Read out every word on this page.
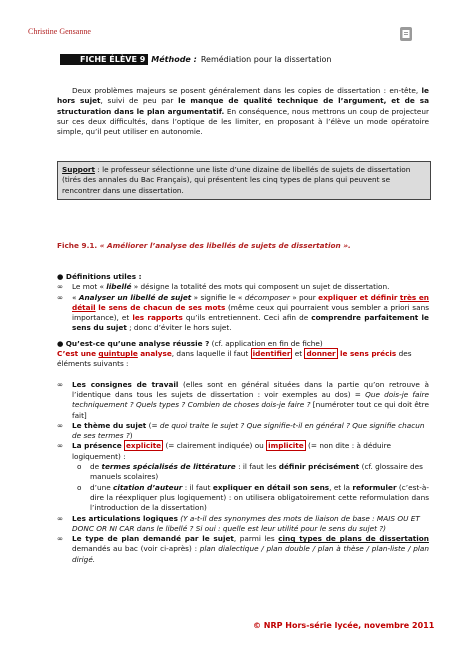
Christine Gensanne
FICHE ÉLÈVE 9 Méthode : Remédiation pour la dissertation
Deux problèmes majeurs se posent généralement dans les copies de dissertation : en-tête, le hors sujet, suivi de peu par le manque de qualité technique de l’argument, et de sa structuration dans le plan argumentatif. En conséquence, nous mettrons un coup de projecteur sur ces deux difficultés, dans l’optique de les limiter, en proposant à l’élève un mode opératoire simple, qu’il peut utiliser en autonomie.
Support : le professeur sélectionne une liste d’une dizaine de libellés de sujets de dissertation (tirés des annales du Bac Français), qui présentent les cinq types de plans qui peuvent se rencontrer dans une dissertation.
Fiche 9.1. « Améliorer l’analyse des libellés de sujets de dissertation ».
● Définitions utiles :
∞ Le mot « libellé » désigne la totalité des mots qui composent un sujet de dissertation.
∞ « Analyser un libellé de sujet » signifie le « décomposer » pour expliquer et définir très en détail le sens de chacun de ses mots (même ceux qui pourraient vous sembler a priori sans importance), et les rapports qu’ils entretiennent. Ceci afin de comprendre parfaitement le sens du sujet ; donc d’éviter le hors sujet.
● Qu’est-ce qu’une analyse réussie ? (cf. application en fin de fiche)
C’est une quintuple analyse, dans laquelle il faut identifier et donner le sens précis des éléments suivants :
∞ Les consignes de travail (elles sont en général situées dans la partie qu’on retrouve à l’identique dans tous les sujets de dissertation : voir exemples au dos) = Que dois-je faire techniquement ? Quels types ? Combien de choses dois-je faire ? [numéroter tout ce qui doit être fait]
∞ Le thème du sujet (= de quoi traite le sujet ? Que signifie-t-il en général ? Que signifie chacun de ses termes ?)
∞ La présence explicite (= clairement indiquée) ou implicite (= non dite : à déduire logiquement) :
o de termes spécialisés de littérature : il faut les définir précisément (cf. glossaire des manuels scolaires)
o d’une citation d’auteur : il faut expliquer en détail son sens, et la reformuler (c’est-à-dire la réexpliquer plus logiquement) : on utilisera obligatoirement cette reformulation dans l’introduction de la dissertation)
∞ Les articulations logiques (Y a-t-il des synonymes des mots de liaison de base : MAIS OU ET DONC OR NI CAR dans le libellé ? Si oui : quelle est leur utilité pour le sens du sujet ?)
∞ Le type de plan demandé par le sujet, parmi les cinq types de plans de dissertation demandés au bac (voir ci-après) : plan dialectique / plan double / plan à thèse / plan-liste / plan dirigé.
© NRP Hors-série lycée, novembre 2011
